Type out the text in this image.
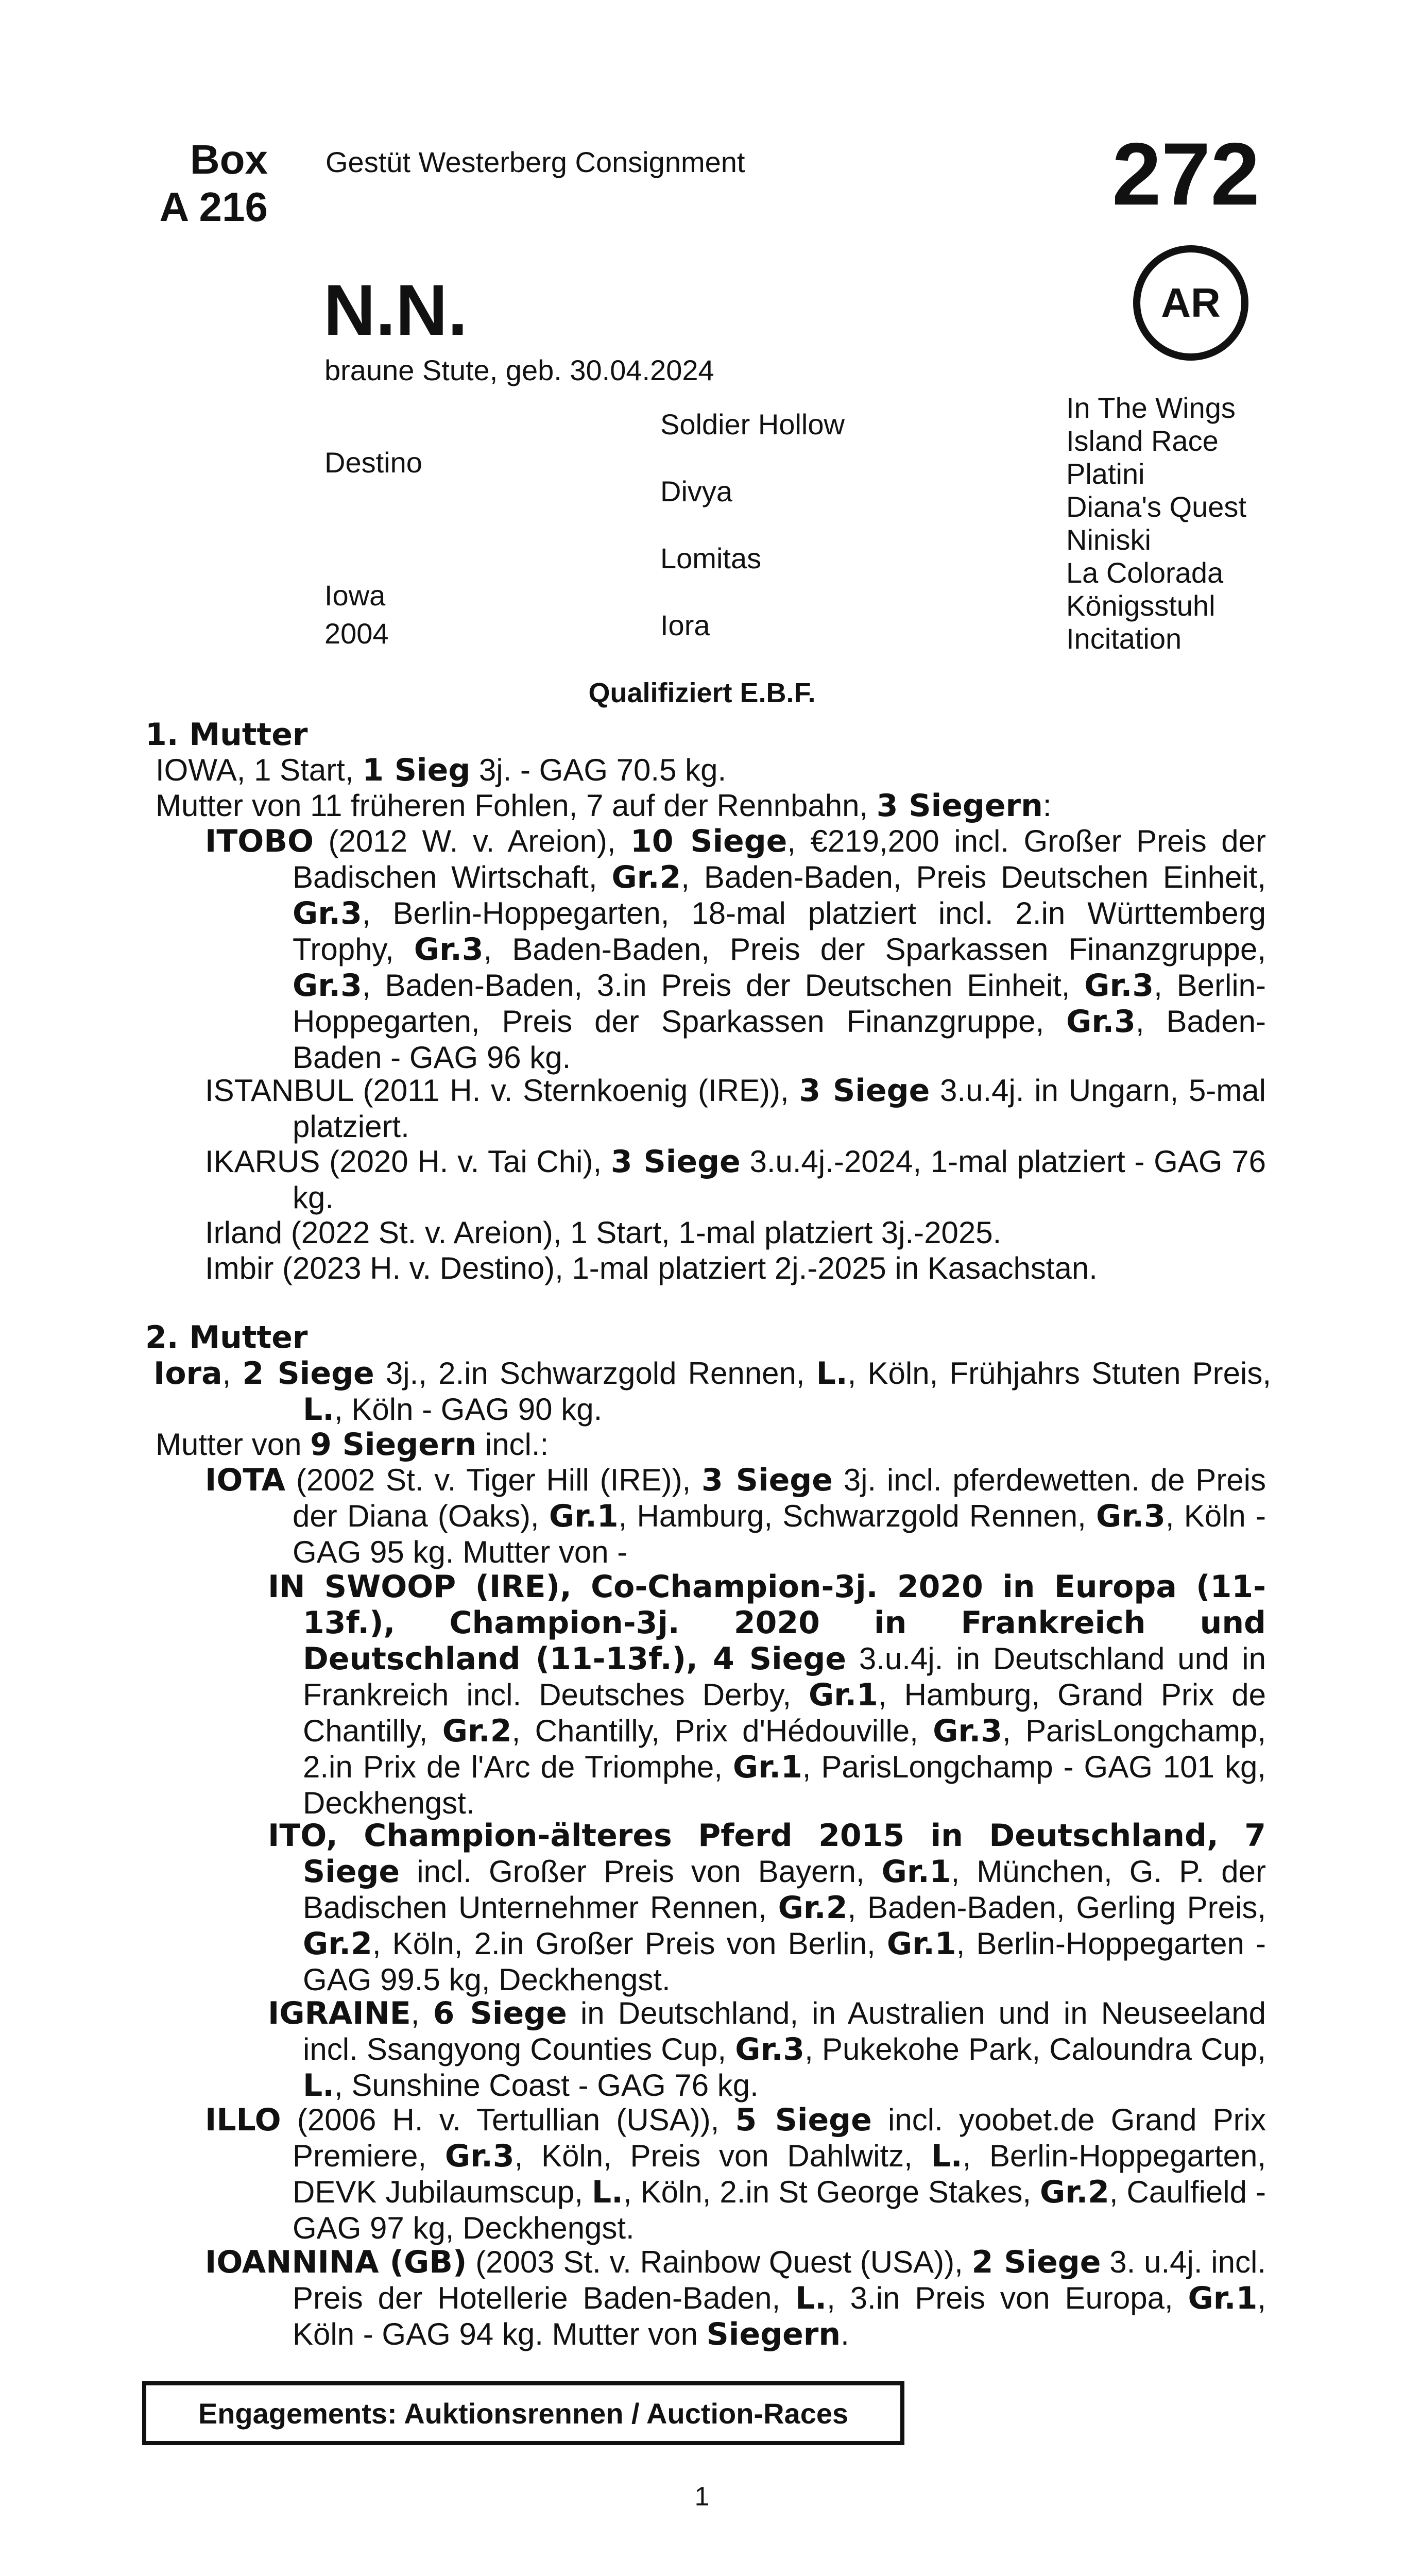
Box
A 216
Gestüt Westerberg Consignment	272
AR
N.N.
braune Stute, geb. 30.04.2024
Destino
Iowa
2004
Soldier Hollow
Divya
Lomitas
Iora
In The Wings
Island Race
Platini
Diana's Quest
Niniski
La Colorada
Königsstuhl
Incitation
Qualifiziert E.B.F.
1. Mutter
IOWA, 1 Start, 1 Sieg 3j. - GAG 70.5 kg.
Mutter von 11 früheren Fohlen, 7 auf der Rennbahn, 3 Siegern:
ITOBO (2012 W. v. Areion), 10 Siege, €219,200 incl. Großer Preis der Badischen Wirtschaft, Gr.2, Baden-Baden, Preis Deutschen Einheit, Gr.3, Berlin-Hoppegarten, 18-mal platziert incl. 2.in Württemberg Trophy, Gr.3, Baden-Baden, Preis der Sparkassen Finanzgruppe, Gr.3, Baden-Baden, 3.in Preis der Deutschen Einheit, Gr.3, Berlin-Hoppegarten, Preis der Sparkassen Finanzgruppe, Gr.3, Baden-Baden - GAG 96 kg.
ISTANBUL (2011 H. v. Sternkoenig (IRE)), 3 Siege 3.u.4j. in Ungarn, 5-mal platziert.
IKARUS (2020 H. v. Tai Chi), 3 Siege 3.u.4j.-2024, 1-mal platziert - GAG 76 kg.
Irland (2022 St. v. Areion), 1 Start, 1-mal platziert 3j.-2025.
Imbir (2023 H. v. Destino), 1-mal platziert 2j.-2025 in Kasachstan.
2. Mutter
Iora, 2 Siege 3j., 2.in Schwarzgold Rennen, L., Köln, Frühjahrs Stuten Preis, L., Köln - GAG 90 kg.
Mutter von 9 Siegern incl.:
IOTA (2002 St. v. Tiger Hill (IRE)), 3 Siege 3j. incl. pferdewetten. de Preis der Diana (Oaks), Gr.1, Hamburg, Schwarzgold Rennen, Gr.3, Köln - GAG 95 kg. Mutter von -
IN SWOOP (IRE), Co-Champion-3j. 2020 in Europa (11-13f.), Champion-3j. 2020 in Frankreich und Deutschland (11-13f.), 4 Siege 3.u.4j. in Deutschland und in Frankreich incl. Deutsches Derby, Gr.1, Hamburg, Grand Prix de Chantilly, Gr.2, Chantilly, Prix d'Hédouville, Gr.3, ParisLongchamp, 2.in Prix de l'Arc de Triomphe, Gr.1, ParisLongchamp - GAG 101 kg, Deckhengst.
ITO, Champion-älteres Pferd 2015 in Deutschland, 7 Siege incl. Großer Preis von Bayern, Gr.1, München, G. P. der Badischen Unternehmer Rennen, Gr.2, Baden-Baden, Gerling Preis, Gr.2, Köln, 2.in Großer Preis von Berlin, Gr.1, Berlin-Hoppegarten - GAG 99.5 kg, Deckhengst.
IGRAINE, 6 Siege in Deutschland, in Australien und in Neuseeland incl. Ssangyong Counties Cup, Gr.3, Pukekohe Park, Caloundra Cup, L., Sunshine Coast - GAG 76 kg.
ILLO (2006 H. v. Tertullian (USA)), 5 Siege incl. yoobet.de Grand Prix Premiere, Gr.3, Köln, Preis von Dahlwitz, L., Berlin-Hoppegarten, DEVK Jubilaumscup, L., Köln, 2.in St George Stakes, Gr.2, Caulfield - GAG 97 kg, Deckhengst.
IOANNINA (GB) (2003 St. v. Rainbow Quest (USA)), 2 Siege 3. u.4j. incl. Preis der Hotellerie Baden-Baden, L., 3.in Preis von Europa, Gr.1, Köln - GAG 94 kg. Mutter von Siegern.
Engagements: Auktionsrennen / Auction-Races
1
